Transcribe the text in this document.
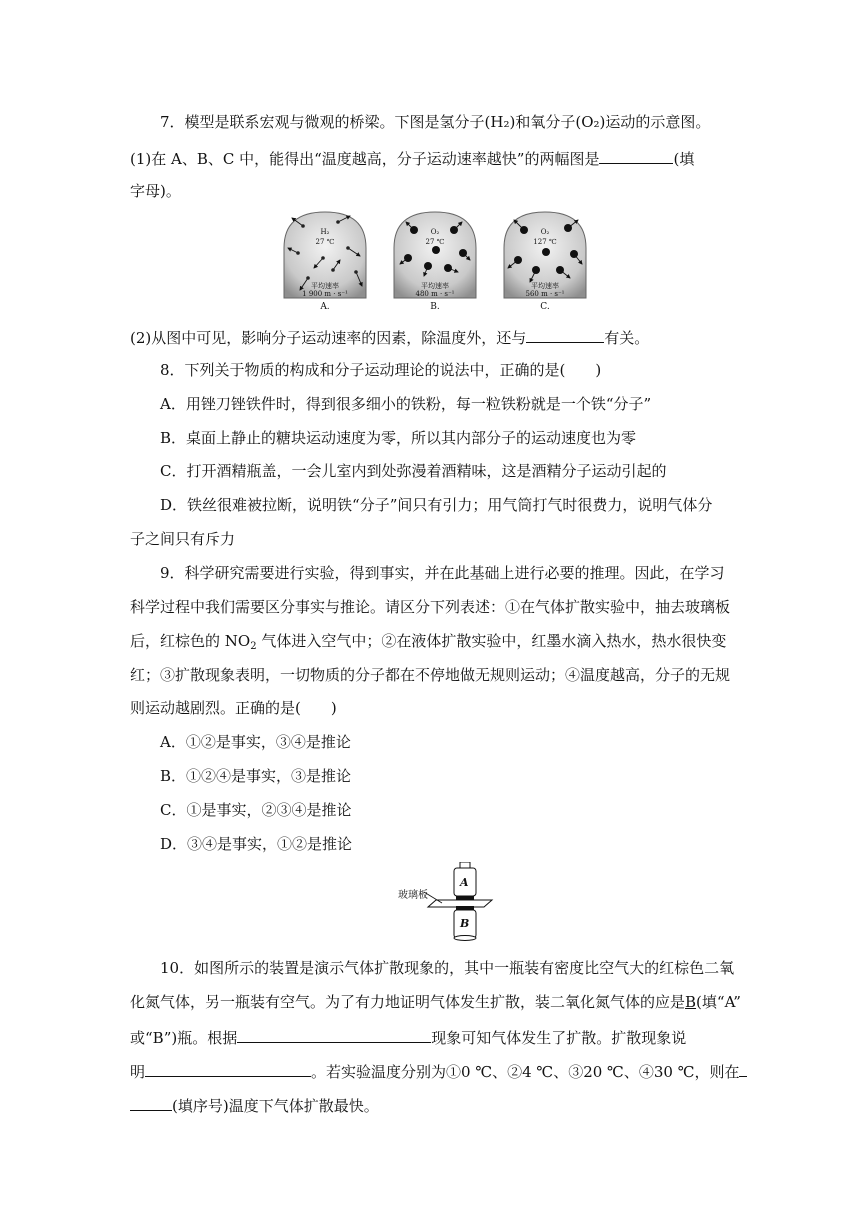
7．模型是联系宏观与微观的桥梁。下图是氢分子(H₂)和氧分子(O₂)运动的示意图。
(1)在 A、B、C 中，能得出“温度越高，分子运动速率越快”的两幅图是	(填
字母)。
H₂
27 ℃
平均速率
1 900 m · s⁻¹
A.
O₂
27 ℃
平均速率
480 m · s⁻¹
B.
O₂
127 ℃
平均速率
560 m · s⁻¹
C.
(2)从图中可见，影响分子运动速率的因素，除温度外，还与	有关。
8．下列关于物质的构成和分子运动理论的说法中，正确的是(　　)
A．用锉刀锉铁件时，得到很多细小的铁粉，每一粒铁粉就是一个铁“分子”
B．桌面上静止的糖块运动速度为零，所以其内部分子的运动速度也为零
C．打开酒精瓶盖，一会儿室内到处弥漫着酒精味，这是酒精分子运动引起的
D．铁丝很难被拉断，说明铁“分子”间只有引力；用气筒打气时很费力，说明气体分
子之间只有斥力
9．科学研究需要进行实验，得到事实，并在此基础上进行必要的推理。因此，在学习
科学过程中我们需要区分事实与推论。请区分下列表述：①在气体扩散实验中，抽去玻璃板
后，红棕色的 $NO_2$ 气体进入空气中；②在液体扩散实验中，红墨水滴入热水，热水很快变
红；③扩散现象表明，一切物质的分子都在不停地做无规则运动；④温度越高，分子的无规
则运动越剧烈。正确的是(　　)
A．①②是事实，③④是推论
B．①②④是事实，③是推论
C．①是事实，②③④是推论
D．③④是事实，①②是推论
玻璃板
A
B
10．如图所示的装置是演示气体扩散现象的，其中一瓶装有密度比空气大的红棕色二氧
化氮气体，另一瓶装有空气。为了有力地证明气体发生扩散，装二氧化氮气体的应是B(填“A”
或“B”)瓶。根据	现象可知气体发生了扩散。扩散现象说
明	。若实验温度分别为①0 ℃、②4 ℃、③20 ℃、④30 ℃，则在
(填序号)温度下气体扩散最快。
